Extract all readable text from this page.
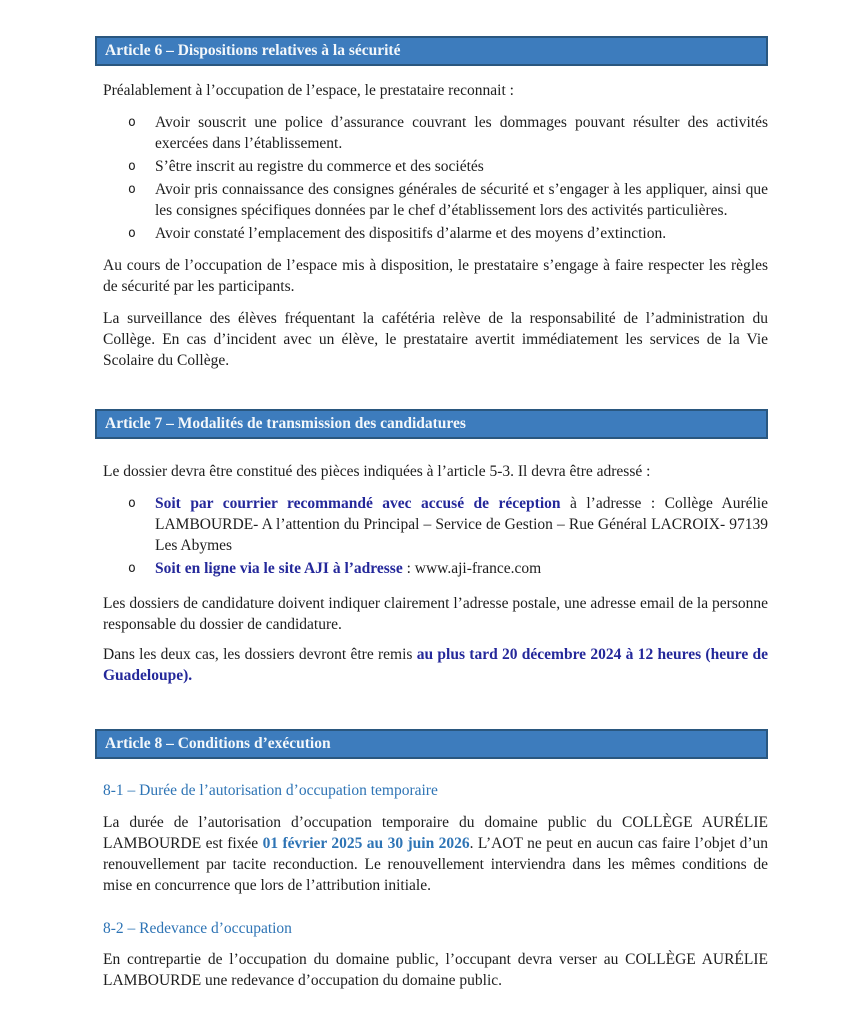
Article 6 – Dispositions relatives à la sécurité

Préalablement à l’occupation de l’espace, le prestataire reconnait :

o	Avoir souscrit une police d’assurance couvrant les dommages pouvant résulter des activités exercées dans l’établissement.
o	S’être inscrit au registre du commerce et des sociétés
o	Avoir pris connaissance des consignes générales de sécurité et s’engager à les appliquer, ainsi que les consignes spécifiques données par le chef d’établissement lors des activités particulières.
o	Avoir constaté l’emplacement des dispositifs d’alarme et des moyens d’extinction.

Au cours de l’occupation de l’espace mis à disposition, le prestataire s’engage à faire respecter les règles de sécurité par les participants.

La surveillance des élèves fréquentant la cafétéria relève de la responsabilité de l’administration du Collège. En cas d’incident avec un élève, le prestataire avertit immédiatement les services de la Vie Scolaire du Collège.

Article 7 – Modalités de transmission des candidatures

Le dossier devra être constitué des pièces indiquées à l’article 5-3. Il devra être adressé :

o	Soit par courrier recommandé avec accusé de réception à l’adresse : Collège Aurélie LAMBOURDE- A l’attention du Principal – Service de Gestion – Rue Général LACROIX- 97139 Les Abymes
o	Soit en ligne via le site AJI à l’adresse : www.aji-france.com

Les dossiers de candidature doivent indiquer clairement l’adresse postale, une adresse email de la personne responsable du dossier de candidature.

Dans les deux cas, les dossiers devront être remis au plus tard 20 décembre 2024 à 12 heures (heure de Guadeloupe).

Article 8 – Conditions d’exécution

8-1 – Durée de l’autorisation d’occupation temporaire

La durée de l’autorisation d’occupation temporaire du domaine public du COLLÈGE AURÉLIE LAMBOURDE est fixée 01 février 2025 au 30 juin 2026. L’AOT ne peut en aucun cas faire l’objet d’un renouvellement par tacite reconduction. Le renouvellement interviendra dans les mêmes conditions de mise en concurrence que lors de l’attribution initiale.

8-2 – Redevance d’occupation

En contrepartie de l’occupation du domaine public, l’occupant devra verser au COLLÈGE AURÉLIE LAMBOURDE une redevance d’occupation du domaine public.
